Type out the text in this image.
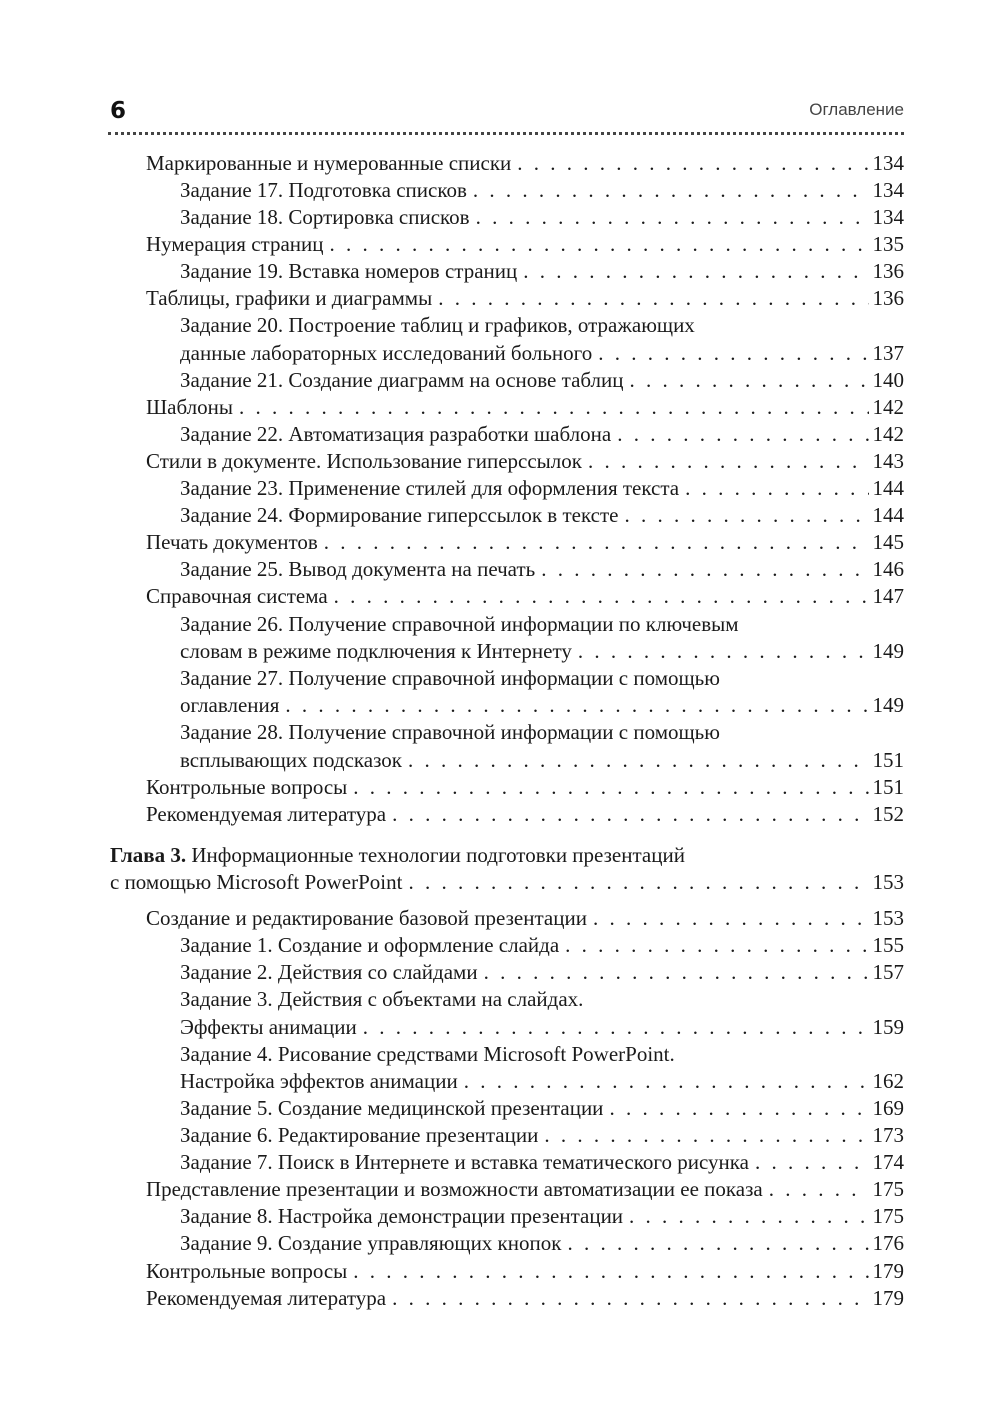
6	Оглавление
Маркированные и нумерованные списки . . .	134
Задание 17. Подготовка списков . . .	134
Задание 18. Сортировка списков . . .	134
Нумерация страниц . . .	135
Задание 19. Вставка номеров страниц . . .	136
Таблицы, графики и диаграммы . . .	136
Задание 20. Построение таблиц и графиков, отражающих
данные лабораторных исследований больного . . .	137
Задание 21. Создание диаграмм на основе таблиц . . .	140
Шаблоны . . .	142
Задание 22. Автоматизация разработки шаблона . . .	142
Стили в документе. Использование гиперссылок . . .	143
Задание 23. Применение стилей для оформления текста . . .	144
Задание 24. Формирование гиперссылок в тексте . . .	144
Печать документов . . .	145
Задание 25. Вывод документа на печать . . .	146
Справочная система . . .	147
Задание 26. Получение справочной информации по ключевым
словам в режиме подключения к Интернету . . .	149
Задание 27. Получение справочной информации с помощью
оглавления . . .	149
Задание 28. Получение справочной информации с помощью
всплывающих подсказок . . .	151
Контрольные вопросы . . .	151
Рекомендуемая литература . . .	152
Глава 3. Информационные технологии подготовки презентаций
с помощью Microsoft PowerPoint . . .	153
Создание и редактирование базовой презентации . . .	153
Задание 1. Создание и оформление слайда . . .	155
Задание 2. Действия со слайдами . . .	157
Задание 3. Действия с объектами на слайдах.
Эффекты анимации . . .	159
Задание 4. Рисование средствами Microsoft PowerPoint.
Настройка эффектов анимации . . .	162
Задание 5. Создание медицинской презентации . . .	169
Задание 6. Редактирование презентации . . .	173
Задание 7. Поиск в Интернете и вставка тематического рисунка . . .	174
Представление презентации и возможности автоматизации ее показа . . .	175
Задание 8. Настройка демонстрации презентации . . .	175
Задание 9. Создание управляющих кнопок . . .	176
Контрольные вопросы . . .	179
Рекомендуемая литература . . .	179
